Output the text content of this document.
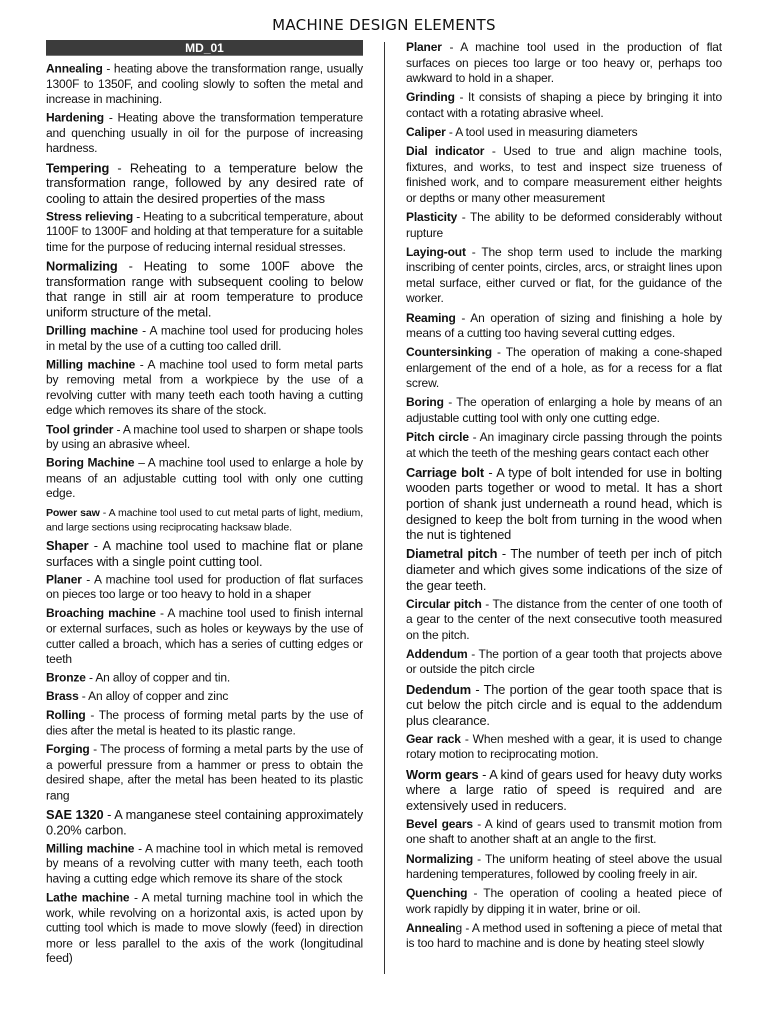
MACHINE DESIGN ELEMENTS
MD_01

Annealing - heating above the transformation range, usually 1300F to 1350F, and cooling slowly to soften the metal and increase in machining.

Hardening - Heating above the transformation temperature and quenching usually in oil for the purpose of increasing hardness.

Tempering - Reheating to a temperature below the transformation range, followed by any desired rate of cooling to attain the desired properties of the mass

Stress relieving - Heating to a subcritical temperature, about 1100F to 1300F and holding at that temperature for a suitable time for the purpose of reducing internal residual stresses.

Normalizing - Heating to some 100F above the transformation range with subsequent cooling to below that range in still air at room temperature to produce uniform structure of the metal.

Drilling machine - A machine tool used for producing holes in metal by the use of a cutting too called drill.

Milling machine - A machine tool used to form metal parts by removing metal from a workpiece by the use of a revolving cutter with many teeth each tooth having a cutting edge which removes its share of the stock.

Tool grinder - A machine tool used to sharpen or shape tools by using an abrasive wheel.

Boring Machine – A machine tool used to enlarge a hole by means of an adjustable cutting tool with only one cutting edge.

Power saw - A machine tool used to cut metal parts of light, medium, and large sections using reciprocating hacksaw blade.

Shaper - A machine tool used to machine flat or plane surfaces with a single point cutting tool.

Planer - A machine tool used for production of flat surfaces on pieces too large or too heavy to hold in a shaper

Broaching machine - A machine tool used to finish internal or external surfaces, such as holes or keyways by the use of cutter called a broach, which has a series of cutting edges or teeth

Bronze - An alloy of copper and tin.

Brass - An alloy of copper and zinc

Rolling - The process of forming metal parts by the use of dies after the metal is heated to its plastic range.

Forging - The process of forming a metal parts by the use of a powerful pressure from a hammer or press to obtain the desired shape, after the metal has been heated to its plastic rang

SAE 1320 - A manganese steel containing approximately 0.20% carbon.

Milling machine - A machine tool in which metal is removed by means of a revolving cutter with many teeth, each tooth having a cutting edge which remove its share of the stock

Lathe machine - A metal turning machine tool in which the work, while revolving on a horizontal axis, is acted upon by cutting tool which is made to move slowly (feed) in direction more or less parallel to the axis of the work (longitudinal feed)

Planer - A machine tool used in the production of flat surfaces on pieces too large or too heavy or, perhaps too awkward to hold in a shaper.

Grinding - It consists of shaping a piece by bringing it into contact with a rotating abrasive wheel.

Caliper - A tool used in measuring diameters

Dial indicator - Used to true and align machine tools, fixtures, and works, to test and inspect size trueness of finished work, and to compare measurement either heights or depths or many other measurement

Plasticity - The ability to be deformed considerably without rupture

Laying-out - The shop term used to include the marking inscribing of center points, circles, arcs, or straight lines upon metal surface, either curved or flat, for the guidance of the worker.

Reaming - An operation of sizing and finishing a hole by means of a cutting too having several cutting edges.

Countersinking - The operation of making a cone-shaped enlargement of the end of a hole, as for a recess for a flat screw.

Boring - The operation of enlarging a hole by means of an adjustable cutting tool with only one cutting edge.

Pitch circle - An imaginary circle passing through the points at which the teeth of the meshing gears contact each other

Carriage bolt - A type of bolt intended for use in bolting wooden parts together or wood to metal. It has a short portion of shank just underneath a round head, which is designed to keep the bolt from turning in the wood when the nut is tightened

Diametral pitch - The number of teeth per inch of pitch diameter and which gives some indications of the size of the gear teeth.

Circular pitch - The distance from the center of one tooth of a gear to the center of the next consecutive tooth measured on the pitch.

Addendum - The portion of a gear tooth that projects above or outside the pitch circle

Dedendum - The portion of the gear tooth space that is cut below the pitch circle and is equal to the addendum plus clearance.

Gear rack - When meshed with a gear, it is used to change rotary motion to reciprocating motion.

Worm gears - A kind of gears used for heavy duty works where a large ratio of speed is required and are extensively used in reducers.

Bevel gears - A kind of gears used to transmit motion from one shaft to another shaft at an angle to the first.

Normalizing - The uniform heating of steel above the usual hardening temperatures, followed by cooling freely in air.

Quenching - The operation of cooling a heated piece of work rapidly by dipping it in water, brine or oil.

Annealing - A method used in softening a piece of metal that is too hard to machine and is done by heating steel slowly
